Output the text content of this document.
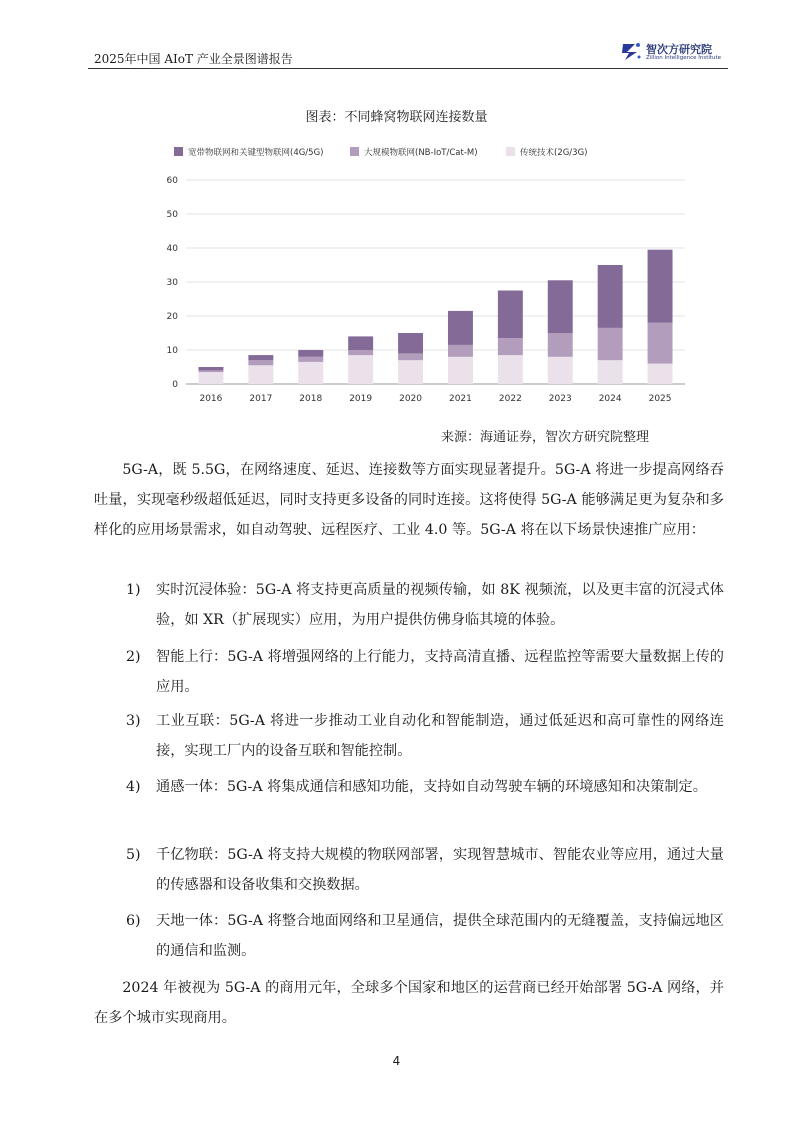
2025年中国 AIoT 产业全景图谱报告
智次方研究院
Zillion Intelligence Institute
图表：不同蜂窝物联网连接数量
宽带物联网和关键型物联网(4G/5G)	大规模物联网(NB-IoT/Cat-M)	传统技术(2G/3G)
0
10
20
30
40
50
60
2016	2017	2018	2019	2020	2021	2022	2023	2024	2025
来源：海通证券，智次方研究院整理

5G-A，既 5.5G，在网络速度、延迟、连接数等方面实现显著提升。5G-A 将进一步提高网络吞吐量，实现毫秒级超低延迟，同时支持更多设备的同时连接。这将使得 5G-A 能够满足更为复杂和多样化的应用场景需求，如自动驾驶、远程医疗、工业 4.0 等。5G-A 将在以下场景快速推广应用：

1) 实时沉浸体验：5G-A 将支持更高质量的视频传输，如 8K 视频流，以及更丰富的沉浸式体验，如 XR（扩展现实）应用，为用户提供仿佛身临其境的体验。
2) 智能上行：5G-A 将增强网络的上行能力，支持高清直播、远程监控等需要大量数据上传的应用。
3) 工业互联：5G-A 将进一步推动工业自动化和智能制造，通过低延迟和高可靠性的网络连接，实现工厂内的设备互联和智能控制。
4) 通感一体：5G-A 将集成通信和感知功能，支持如自动驾驶车辆的环境感知和决策制定。
5) 千亿物联：5G-A 将支持大规模的物联网部署，实现智慧城市、智能农业等应用，通过大量的传感器和设备收集和交换数据。
6) 天地一体：5G-A 将整合地面网络和卫星通信，提供全球范围内的无缝覆盖，支持偏远地区的通信和监测。

2024 年被视为 5G-A 的商用元年，全球多个国家和地区的运营商已经开始部署 5G-A 网络，并在多个城市实现商用。

4
